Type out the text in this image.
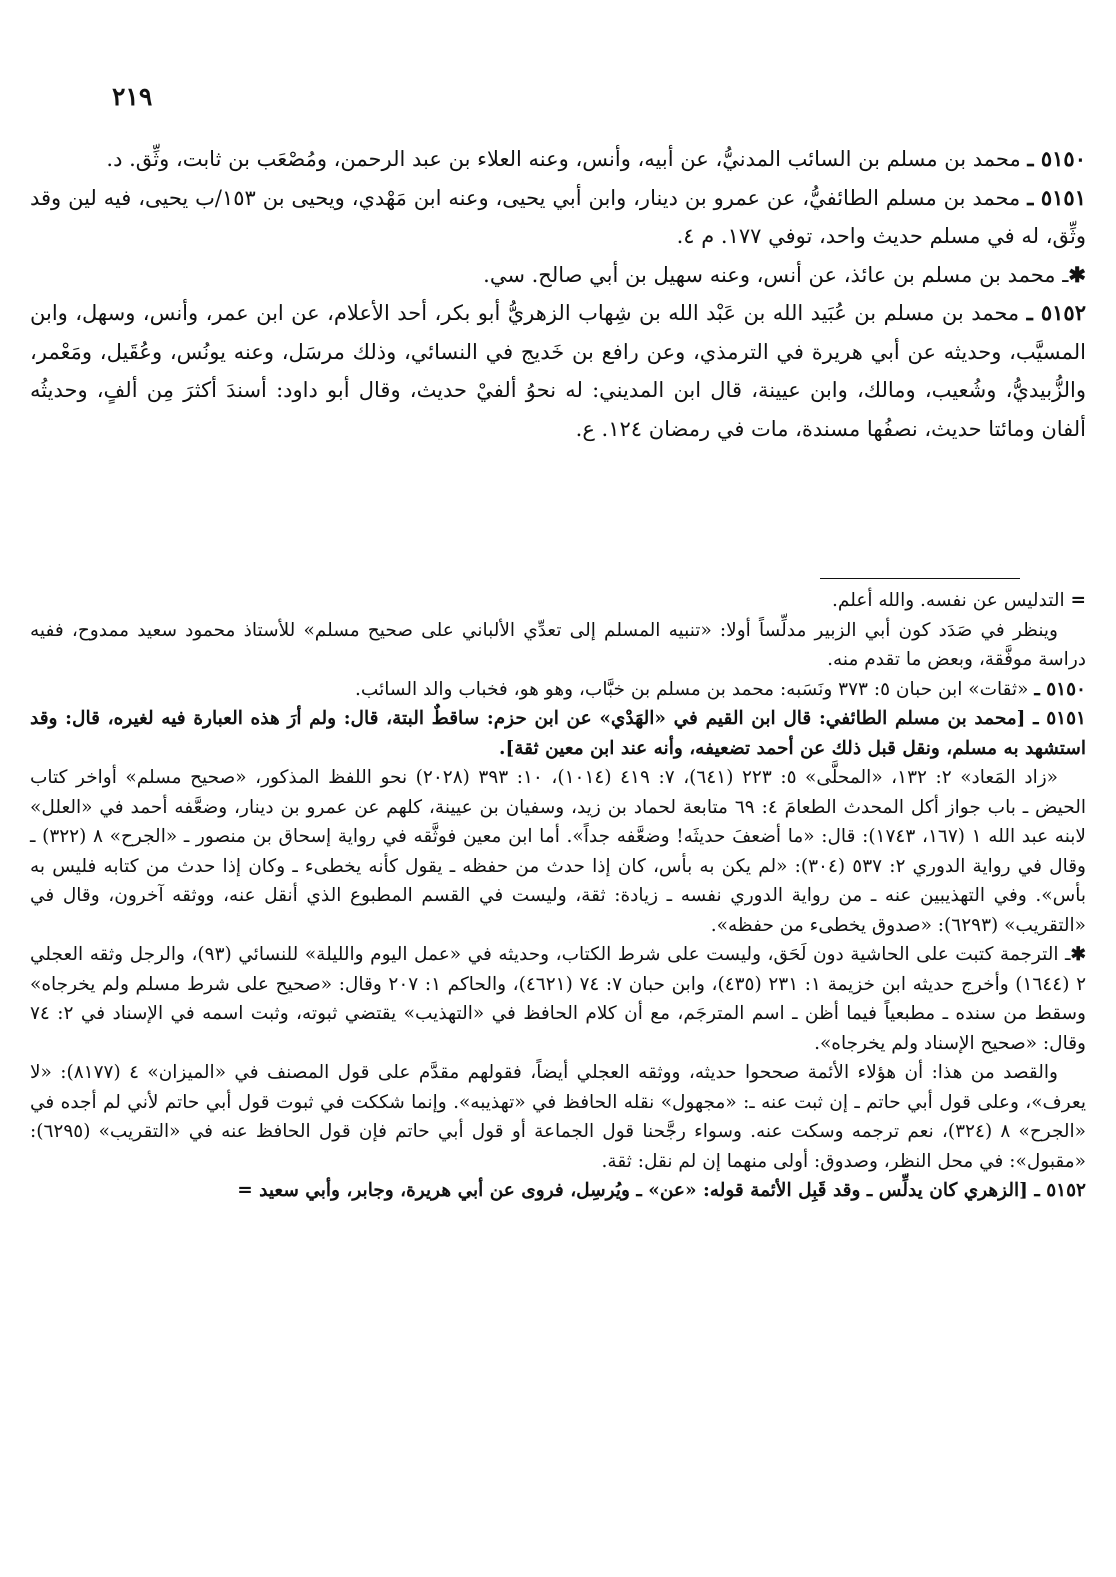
٢١٩

٥١٥٠ ـ محمد بن مسلم بن السائب المدنيُّ، عن أبيه، وأنس، وعنه العلاء بن عبد الرحمن، ومُصْعَب بن ثابت، وثِّق. د.

٥١٥١ ـ محمد بن مسلم الطائفيُّ، عن عمرو بن دينار، وابن أبي يحيى، وعنه ابن مَهْدي، ويحيى بن ١٥٣/ب يحيى، فيه لين وقد وثِّق، له في مسلم حديث واحد، توفي ١٧٧. م ٤.

✱ـ محمد بن مسلم بن عائذ، عن أنس، وعنه سهيل بن أبي صالح. سي.

٥١٥٢ ـ محمد بن مسلم بن عُبَيد الله بن عَبْد الله بن شِهاب الزهريُّ أبو بكر، أحد الأعلام، عن ابن عمر، وأنس، وسهل، وابن المسيَّب، وحديثه عن أبي هريرة في الترمذي، وعن رافع بن خَديج في النسائي، وذلك مرسَل، وعنه يونُس، وعُقَيل، ومَعْمر، والزُّبيديُّ، وشُعيب، ومالك، وابن عيينة، قال ابن المديني: له نحوُ ألفيْ حديث، وقال أبو داود: أسندَ أكثرَ مِن ألفٍ، وحديثُه ألفان ومائتا حديث، نصفُها مسندة، مات في رمضان ١٢٤. ع.

= التدليس عن نفسه. والله أعلم.

وينظر في صَدَد كون أبي الزبير مدلِّساً أولا: «تنبيه المسلم إلى تعدِّي الألباني على صحيح مسلم» للأستاذ محمود سعيد ممدوح، ففيه دراسة موفَّقة، وبعض ما تقدم منه.

٥١٥٠ ـ «ثقات» ابن حبان ٥: ٣٧٣ ونَسَبه: محمد بن مسلم بن خبَّاب، وهو هو، فخباب والد السائب.

٥١٥١ ـ [محمد بن مسلم الطائفي: قال ابن القيم في «الهَدْي» عن ابن حزم: ساقطٌ البتة، قال: ولم أرَ هذه العبارة فيه لغيره، قال: وقد استشهد به مسلم، ونقل قبل ذلك عن أحمد تضعيفه، وأنه عند ابن معين ثقة].

«زاد المَعاد» ٢: ١٣٢، «المحلَّى» ٥: ٢٢٣ (٦٤١)، ٧: ٤١٩ (١٠١٤)، ١٠: ٣٩٣ (٢٠٢٨) نحو اللفظ المذكور، «صحيح مسلم» أواخر كتاب الحيض ـ باب جواز أكل المحدث الطعامَ ٤: ٦٩ متابعة لحماد بن زيد، وسفيان بن عيينة، كلهم عن عمرو بن دينار، وضعَّفه أحمد في «العلل» لابنه عبد الله ١ (١٦٧، ١٧٤٣): قال: «ما أضعفَ حديثَه! وضعَّفه جداً». أما ابن معين فوثَّقه في رواية إسحاق بن منصور ـ «الجرح» ٨ (٣٢٢) ـ وقال في رواية الدوري ٢: ٥٣٧ (٣٠٤): «لم يكن به بأس، كان إذا حدث من حفظه ـ يقول كأنه يخطىء ـ وكان إذا حدث من كتابه فليس به بأس». وفي التهذيبين عنه ـ من رواية الدوري نفسه ـ زيادة: ثقة، وليست في القسم المطبوع الذي أنقل عنه، ووثقه آخرون، وقال في «التقريب» (٦٢٩٣): «صدوق يخطىء من حفظه».

✱ـ الترجمة كتبت على الحاشية دون لَحَق، وليست على شرط الكتاب، وحديثه في «عمل اليوم والليلة» للنسائي (٩٣)، والرجل وثقه العجلي ٢ (١٦٤٤) وأخرج حديثه ابن خزيمة ١: ٢٣١ (٤٣٥)، وابن حبان ٧: ٧٤ (٤٦٢١)، والحاكم ١: ٢٠٧ وقال: «صحيح على شرط مسلم ولم يخرجاه» وسقط من سنده ـ مطبعياً فيما أظن ـ اسم المترجَم، مع أن كلام الحافظ في «التهذيب» يقتضي ثبوته، وثبت اسمه في الإسناد في ٢: ٧٤ وقال: «صحيح الإسناد ولم يخرجاه».

والقصد من هذا: أن هؤلاء الأئمة صححوا حديثه، ووثقه العجلي أيضاً، فقولهم مقدَّم على قول المصنف في «الميزان» ٤ (٨١٧٧): «لا يعرف»، وعلى قول أبي حاتم ـ إن ثبت عنه ـ: «مجهول» نقله الحافظ في «تهذيبه». وإنما شككت في ثبوت قول أبي حاتم لأني لم أجده في «الجرح» ٨ (٣٢٤)، نعم ترجمه وسكت عنه. وسواء رجَّحنا قول الجماعة أو قول أبي حاتم فإن قول الحافظ عنه في «التقريب» (٦٢٩٥): «مقبول»: في محل النظر، وصدوق: أولى منهما إن لم نقل: ثقة.

٥١٥٢ ـ [الزهري كان يدلِّس ـ وقد قَبِل الأئمة قوله: «عن» ـ ويُرسِل، فروى عن أبي هريرة، وجابر، وأبي سعيد =
